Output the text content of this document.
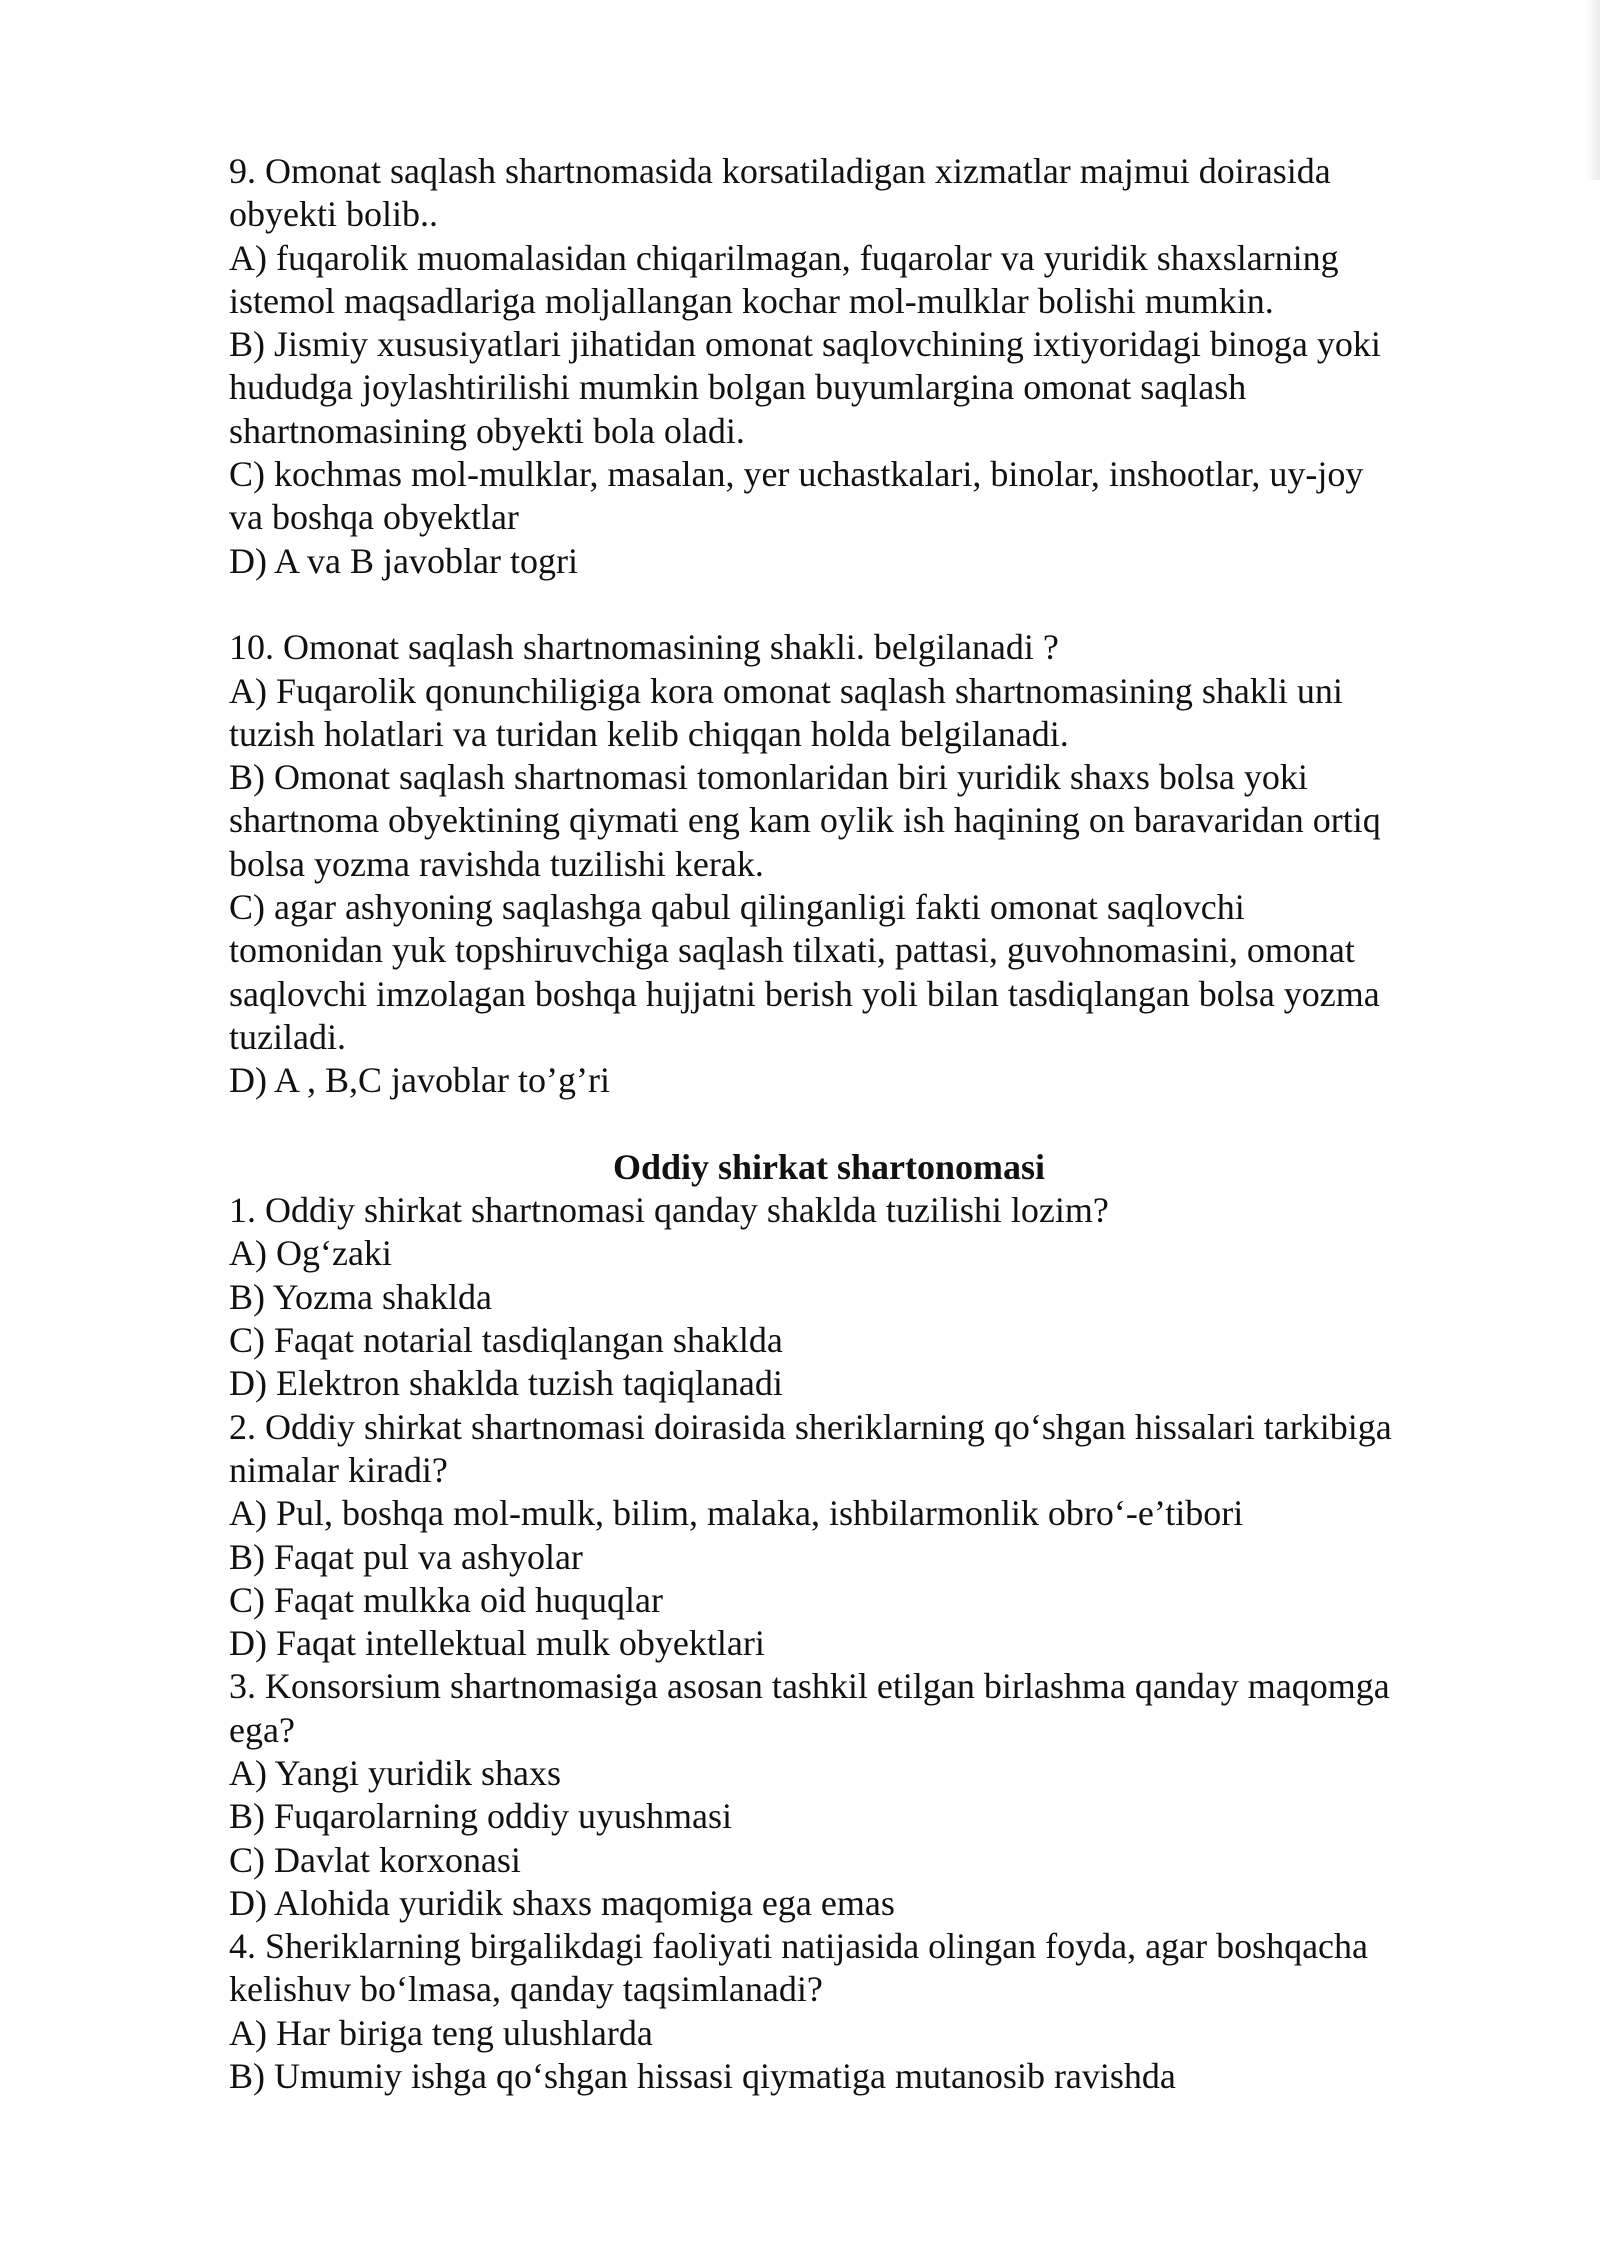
9. Omonat saqlash shartnomasida korsatiladigan xizmatlar majmui doirasida
obyekti bolib..
A) fuqarolik muomalasidan chiqarilmagan, fuqarolar va yuridik shaxslarning
istemol maqsadlariga moljallangan kochar mol-mulklar bolishi mumkin.
B) Jismiy xususiyatlari jihatidan omonat saqlovchining ixtiyoridagi binoga yoki
hududga joylashtirilishi mumkin bolgan buyumlargina omonat saqlash
shartnomasining obyekti bola oladi.
C) kochmas mol-mulklar, masalan, yer uchastkalari, binolar, inshootlar, uy-joy
va boshqa obyektlar
D) A va B javoblar togri
10. Omonat saqlash shartnomasining shakli. belgilanadi ?
A) Fuqarolik qonunchiligiga kora omonat saqlash shartnomasining shakli uni
tuzish holatlari va turidan kelib chiqqan holda belgilanadi.
B) Omonat saqlash shartnomasi tomonlaridan biri yuridik shaxs bolsa yoki
shartnoma obyektining qiymati eng kam oylik ish haqining on baravaridan ortiq
bolsa yozma ravishda tuzilishi kerak.
C) agar ashyoning saqlashga qabul qilinganligi fakti omonat saqlovchi
tomonidan yuk topshiruvchiga saqlash tilxati, pattasi, guvohnomasini, omonat
saqlovchi imzolagan boshqa hujjatni berish yoli bilan tasdiqlangan bolsa yozma
tuziladi.
D) A , B,C javoblar to’g’ri
Oddiy shirkat shartonomasi
1. Oddiy shirkat shartnomasi qanday shaklda tuzilishi lozim?
A) Og‘zaki
B) Yozma shaklda
C) Faqat notarial tasdiqlangan shaklda
D) Elektron shaklda tuzish taqiqlanadi
2. Oddiy shirkat shartnomasi doirasida sheriklarning qo‘shgan hissalari tarkibiga
nimalar kiradi?
A) Pul, boshqa mol-mulk, bilim, malaka, ishbilarmonlik obro‘-e’tibori
B) Faqat pul va ashyolar
C) Faqat mulkka oid huquqlar
D) Faqat intellektual mulk obyektlari
3. Konsorsium shartnomasiga asosan tashkil etilgan birlashma qanday maqomga
ega?
A) Yangi yuridik shaxs
B) Fuqarolarning oddiy uyushmasi
C) Davlat korxonasi
D) Alohida yuridik shaxs maqomiga ega emas
4. Sheriklarning birgalikdagi faoliyati natijasida olingan foyda, agar boshqacha
kelishuv bo‘lmasa, qanday taqsimlanadi?
A) Har biriga teng ulushlarda
B) Umumiy ishga qo‘shgan hissasi qiymatiga mutanosib ravishda
